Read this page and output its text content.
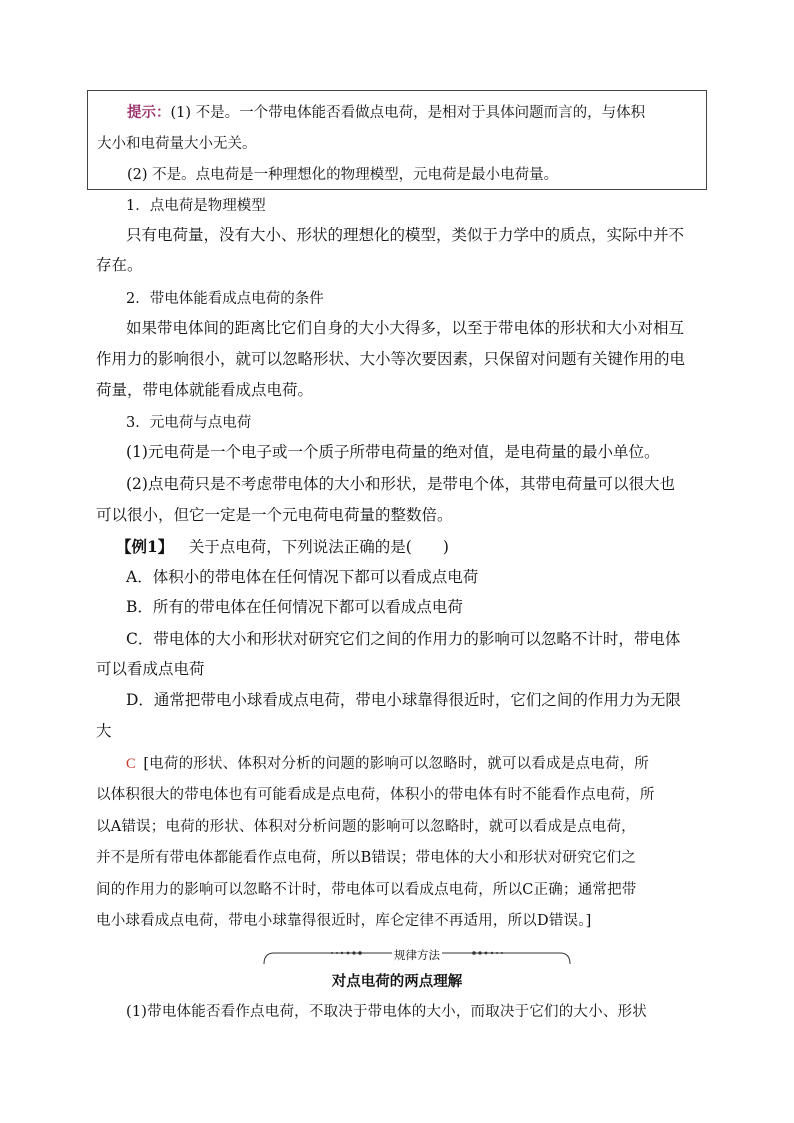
提示：(1) 不是。一个带电体能否看做点电荷，是相对于具体问题而言的，与体积
大小和电荷量大小无关。
(2) 不是。点电荷是一种理想化的物理模型，元电荷是最小电荷量。
1．点电荷是物理模型
只有电荷量，没有大小、形状的理想化的模型，类似于力学中的质点，实际中并不
存在。
2．带电体能看成点电荷的条件
如果带电体间的距离比它们自身的大小大得多，以至于带电体的形状和大小对相互
作用力的影响很小，就可以忽略形状、大小等次要因素，只保留对问题有关键作用的电
荷量，带电体就能看成点电荷。
3．元电荷与点电荷
(1)元电荷是一个电子或一个质子所带电荷量的绝对值，是电荷量的最小单位。
(2)点电荷只是不考虑带电体的大小和形状，是带电个体，其带电荷量可以很大也
可以很小，但它一定是一个元电荷电荷量的整数倍。
【例1】  关于点电荷，下列说法正确的是(　　)
A．体积小的带电体在任何情况下都可以看成点电荷
B．所有的带电体在任何情况下都可以看成点电荷
C．带电体的大小和形状对研究它们之间的作用力的影响可以忽略不计时，带电体
可以看成点电荷
D．通常把带电小球看成点电荷，带电小球靠得很近时，它们之间的作用力为无限
大
C  [电荷的形状、体积对分析的问题的影响可以忽略时，就可以看成是点电荷，所
以体积很大的带电体也有可能看成是点电荷，体积小的带电体有时不能看作点电荷，所
以A错误；电荷的形状、体积对分析问题的影响可以忽略时，就可以看成是点电荷，
并不是所有带电体都能看作点电荷，所以B错误；带电体的大小和形状对研究它们之
间的作用力的影响可以忽略不计时，带电体可以看成点电荷，所以C正确；通常把带
电小球看成点电荷，带电小球靠得很近时，库仑定律不再适用，所以D错误。]
规律方法
对点电荷的两点理解
(1)带电体能否看作点电荷，不取决于带电体的大小，而取决于它们的大小、形状
